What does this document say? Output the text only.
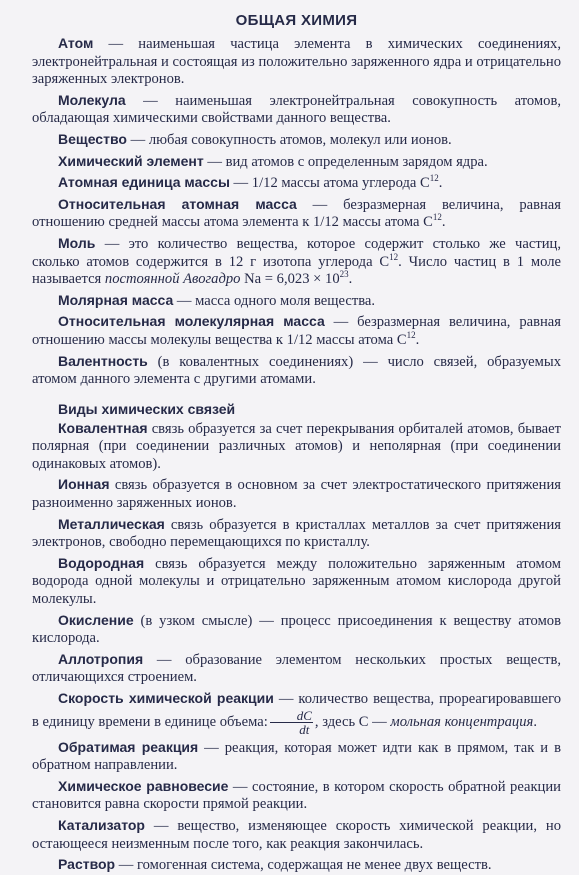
ОБЩАЯ ХИМИЯ

Атом — наименьшая частица элемента в химических соединениях, электронейтральная и состоящая из положительно заряженного ядра и отрицательно заряженных электронов.

Молекула — наименьшая электронейтральная совокупность атомов, обладающая химическими свойствами данного вещества.

Вещество — любая совокупность атомов, молекул или ионов.

Химический элемент — вид атомов с определенным зарядом ядра.

Атомная единица массы — 1/12 массы атома углерода $C^{12}$.

Относительная атомная масса — безразмерная величина, равная отношению средней массы атома элемента к 1/12 массы атома $C^{12}$.

Моль — это количество вещества, которое содержит столько же частиц, сколько атомов содержится в 12 г изотопа углерода $C^{12}$. Число частиц в 1 моле называется постоянной Авогадро $Na = 6,023 \times 10^{23}$.

Молярная масса — масса одного моля вещества.

Относительная молекулярная масса — безразмерная величина, равная отношению массы молекулы вещества к 1/12 массы атома $C^{12}$.

Валентность (в ковалентных соединениях) — число связей, образуемых атомом данного элемента с другими атомами.

Виды химических связей

Ковалентная связь образуется за счет перекрывания орбиталей атомов, бывает полярная (при соединении различных атомов) и неполярная (при соединении одинаковых атомов).

Ионная связь образуется в основном за счет электростатического притяжения разноименно заряженных ионов.

Металлическая связь образуется в кристаллах металлов за счет притяжения электронов, свободно перемещающихся по кристаллу.

Водородная связь образуется между положительно заряженным атомом водорода одной молекулы и отрицательно заряженным атомом кислорода другой молекулы.

Окисление (в узком смысле) — процесс присоединения к веществу атомов кислорода.

Аллотропия — образование элементом нескольких простых веществ, отличающихся строением.

Скорость химической реакции — количество вещества, прореагировавшего в единицу времени в единице объема: $\frac{dC}{dt}$ , здесь C — мольная концентрация.

Обратимая реакция — реакция, которая может идти как в прямом, так и в обратном направлении.

Химическое равновесие — состояние, в котором скорость обратной реакции становится равна скорости прямой реакции.

Катализатор — вещество, изменяющее скорость химической реакции, но остающееся неизменным после того, как реакция закончилась.

Раствор — гомогенная система, содержащая не менее двух веществ.
